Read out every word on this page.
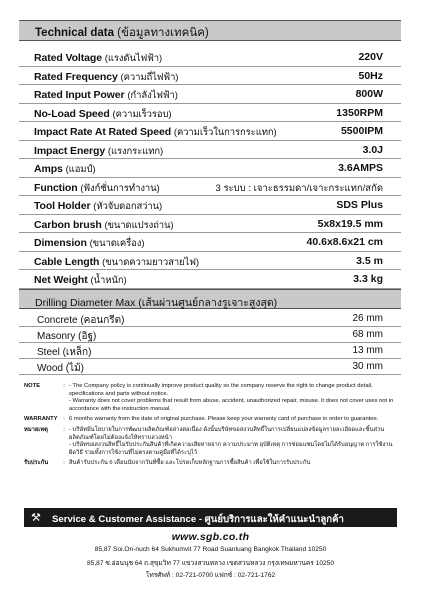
Technical data (ข้อมูลทางเทคนิค)
Rated Voltage (แรงดันไฟฟ้า)	220V
Rated Frequency (ความถี่ไฟฟ้า)	50Hz
Rated Input Power (กำลังไฟฟ้า)	800W
No-Load Speed (ความเร็วรอบ)	1350RPM
Impact Rate At Rated Speed (ความเร็วในการกระแทก)	5500IPM
Impact Energy (แรงกระแทก)	3.0J
Amps (แอมป์)	3.6AMPS
Function (ฟังก์ชั่นการทำงาน)	3 ระบบ : เจาะธรรมดา/เจาะกระแทก/สกัด
Tool Holder (หัวจับดอกสว่าน)	SDS Plus
Carbon brush (ขนาดแปรงถ่าน)	5x8x19.5 mm
Dimension (ขนาดเครื่อง)	40.6x8.6x21 cm
Cable Length (ขนาดความยาวสายไฟ)	3.5 m
Net Weight (น้ำหนัก)	3.3 kg
Drilling Diameter Max (เส้นผ่านศูนย์กลางรูเจาะสูงสุด)
Concrete (คอนกรีต)	26 mm
Masonry (อิฐ)	68 mm
Steel (เหล็ก)	13 mm
Wood (ไม้)	30 mm
NOTE	: - The Company policy is continually improve product quality so the company reserve the right to change product detail, specifications and parts without notice.
- Warranty does not cover problems that result from abuse, accident, unauthorized repair, misuse. it does not cover uses not in accordance with the instruction manual.
WARRANTY : 6 months warranty from the date of original purchase. Please keep your warranty card of purchase in order to guarantee.
หมายเหตุ	: - บริษัทมีนโยบายในการพัฒนาผลิตภัณฑ์อย่างต่อเนื่อง ดังนั้นบริษัทขอสงวนสิทธิ์ในการเปลี่ยนแปลงข้อมูลรายละเอียดและชิ้นส่วนผลิตภัณฑ์โดยไม่ต้องแจ้งให้ทราบล่วงหน้า
- บริษัทขอสงวนสิทธิ์ไม่รับประกันสินค้าที่เกิดความเสียหายจาก ความประมาท อุบัติเหตุ การซ่อมแซมโดยไม่ได้รับอนุญาต การใช้งานผิดวิธี รวมทั้งการใช้งานที่ไม่ตรงตามคู่มือที่ได้ระบุไว้
รับประกัน	: สินค้ารับประกัน 6 เดือนนับจากวันที่ซื้อ และโปรดเก็บหลักฐานการซื้อสินค้า เพื่อใช้ในการรับประกัน
⚒ Service & Customer Assistance - ศูนย์บริการและให้คำแนะนำลูกค้า
www.sgb.co.th
85,87 Soi.On-nuch 64 Sukhumvit 77 Road Suanluang Bangkok Thailand 10250
85,87 ซ.อ่อนนุช 64 ถ.สุขุมวิท 77 แขวงสวนหลวง เขตสวนหลวง กรุงเทพมหานคร 10250
โทรศัพท์ : 02-721-0700 แฟกซ์ : 02-721-1762
